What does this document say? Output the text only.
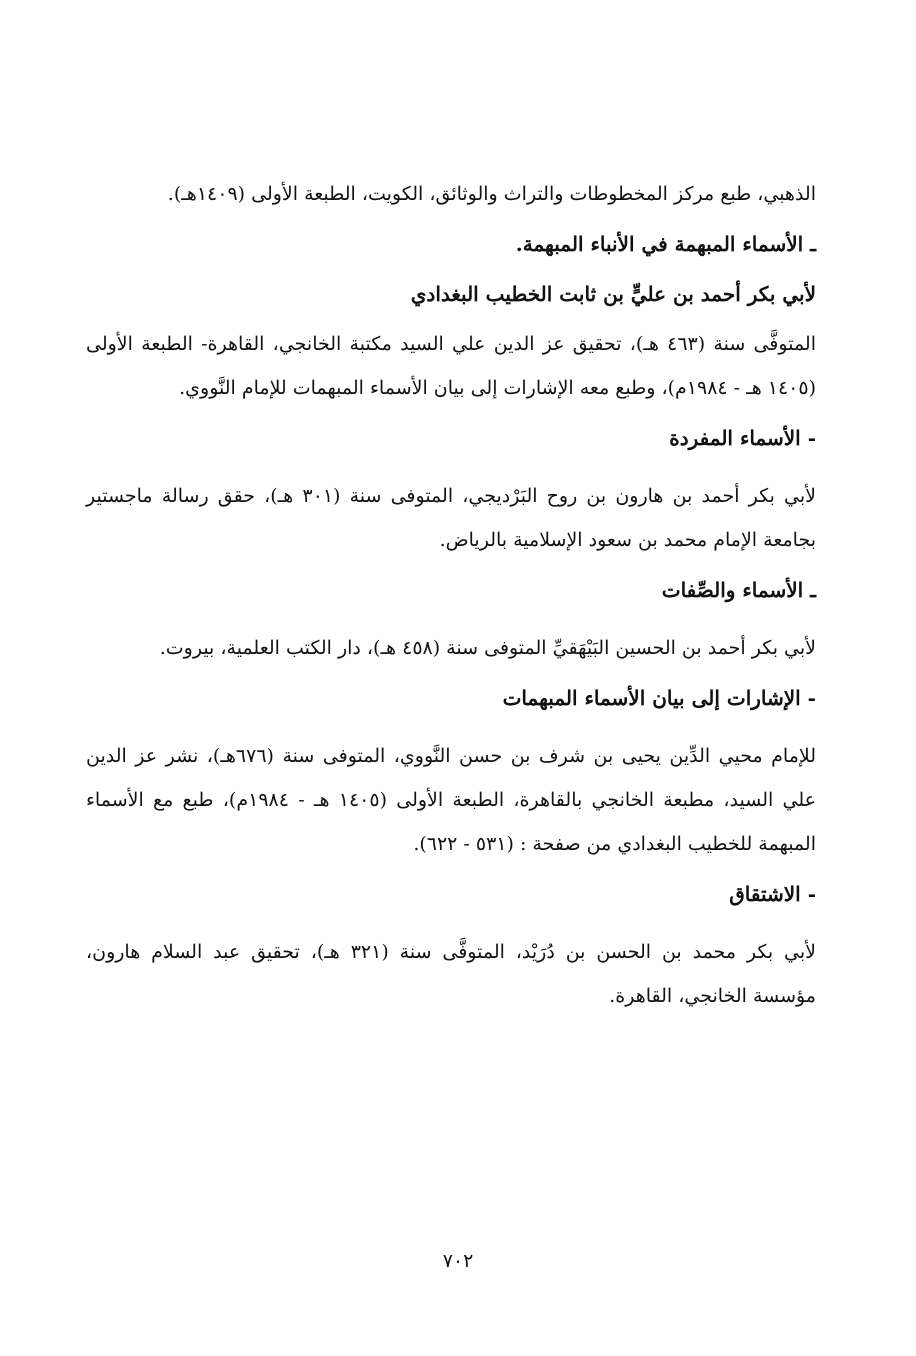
الذهبي، طبع مركز المخطوطات والتراث والوثائق، الكويت، الطبعة الأولى (١٤٠٩هـ).

ـ الأسماء المبهمة في الأنباء المبهمة.

لأبي بكر أحمد بن عليٍّ بن ثابت الخطيب البغدادي

المتوفَّى سنة (٤٦٣ هـ)، تحقيق عز الدين علي السيد مكتبة الخانجي، القاهرة- الطبعة الأولى (١٤٠٥ هـ - ١٩٨٤م)، وطبع معه الإشارات إلى بيان الأسماء المبهمات للإمام النَّووي.

- الأسماء المفردة

لأبي بكر أحمد بن هارون بن روح البَرْديجي، المتوفى سنة (٣٠١ هـ)، حقق رسالة ماجستير بجامعة الإمام محمد بن سعود الإسلامية بالرياض.

ـ الأسماء والصِّفات

لأبي بكر أحمد بن الحسين البَيْهَقيِّ المتوفى سنة (٤٥٨ هـ)، دار الكتب العلمية، بيروت.

- الإشارات إلى بيان الأسماء المبهمات

للإمام محيي الدِّين يحيى بن شرف بن حسن النَّووي، المتوفى سنة (٦٧٦هـ)، نشر عز الدين علي السيد، مطبعة الخانجي بالقاهرة، الطبعة الأولى (١٤٠٥ هـ - ١٩٨٤م)، طبع مع الأسماء المبهمة للخطيب البغدادي من صفحة : (٥٣١ - ٦٢٢).

- الاشتقاق

لأبي بكر محمد بن الحسن بن دُرَيْد، المتوفَّى سنة (٣٢١ هـ)، تحقيق عبد السلام هارون، مؤسسة الخانجي، القاهرة.

٧٠٢
